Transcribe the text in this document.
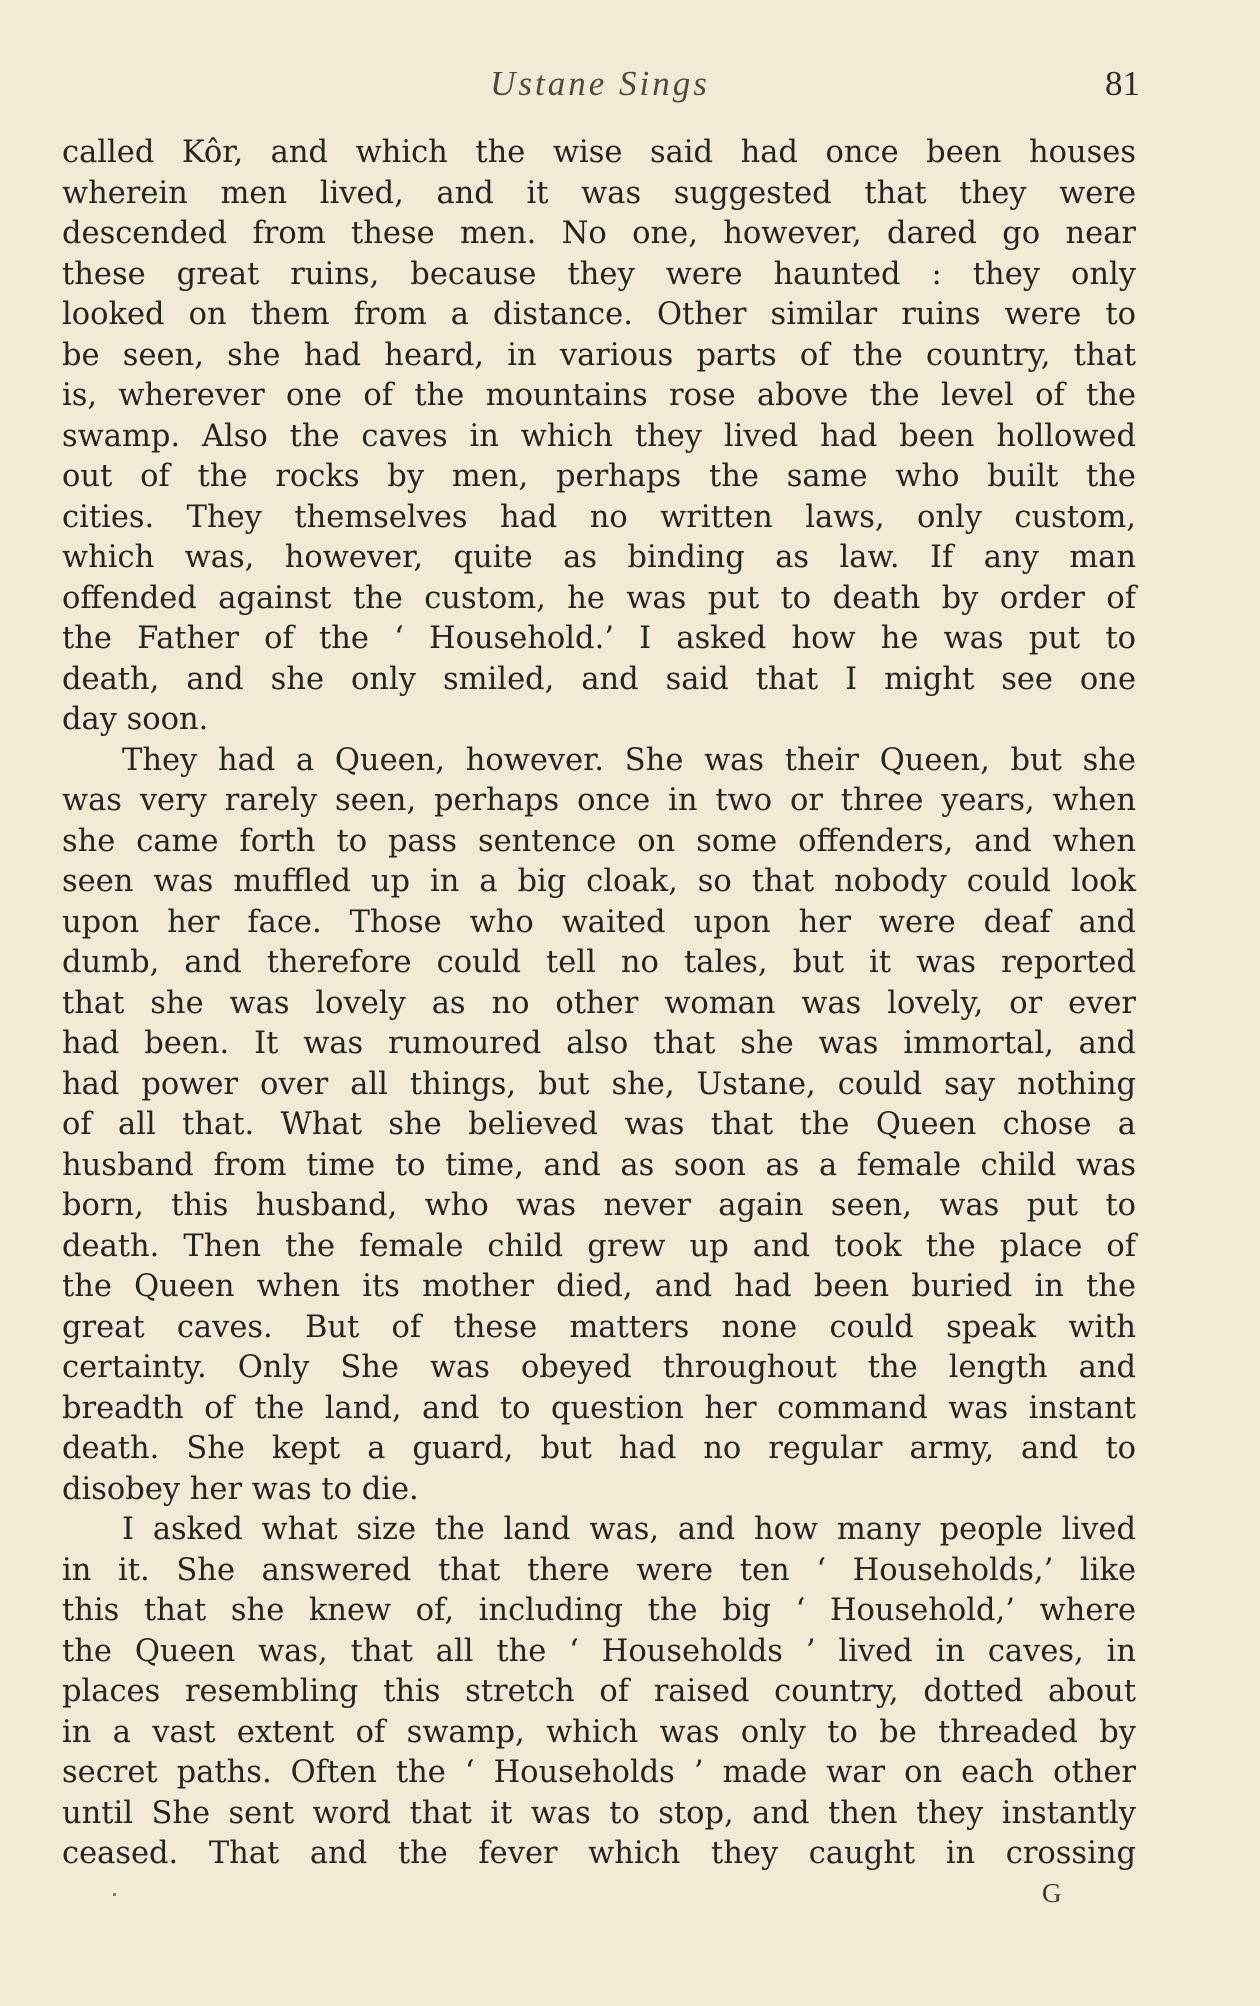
Ustane Sings	81
called Kôr, and which the wise said had once been houses
wherein men lived, and it was suggested that they were
descended from these men. No one, however, dared go near
these great ruins, because they were haunted : they only
looked on them from a distance. Other similar ruins were to
be seen, she had heard, in various parts of the country, that
is, wherever one of the mountains rose above the level of the
swamp. Also the caves in which they lived had been hollowed
out of the rocks by men, perhaps the same who built the
cities. They themselves had no written laws, only custom,
which was, however, quite as binding as law. If any man
offended against the custom, he was put to death by order of
the Father of the ‘ Household.’ I asked how he was put to
death, and she only smiled, and said that I might see one
day soon.
They had a Queen, however. She was their Queen, but she
was very rarely seen, perhaps once in two or three years, when
she came forth to pass sentence on some offenders, and when
seen was muffled up in a big cloak, so that nobody could look
upon her face. Those who waited upon her were deaf and
dumb, and therefore could tell no tales, but it was reported
that she was lovely as no other woman was lovely, or ever
had been. It was rumoured also that she was immortal, and
had power over all things, but she, Ustane, could say nothing
of all that. What she believed was that the Queen chose a
husband from time to time, and as soon as a female child was
born, this husband, who was never again seen, was put to
death. Then the female child grew up and took the place of
the Queen when its mother died, and had been buried in the
great caves. But of these matters none could speak with
certainty. Only She was obeyed throughout the length and
breadth of the land, and to question her command was instant
death. She kept a guard, but had no regular army, and to
disobey her was to die.
I asked what size the land was, and how many people lived
in it. She answered that there were ten ‘ Households,’ like
this that she knew of, including the big ‘ Household,’ where
the Queen was, that all the ‘ Households ’ lived in caves, in
places resembling this stretch of raised country, dotted about
in a vast extent of swamp, which was only to be threaded by
secret paths. Often the ‘ Households ’ made war on each other
until She sent word that it was to stop, and then they instantly
ceased. That and the fever which they caught in crossing
G
